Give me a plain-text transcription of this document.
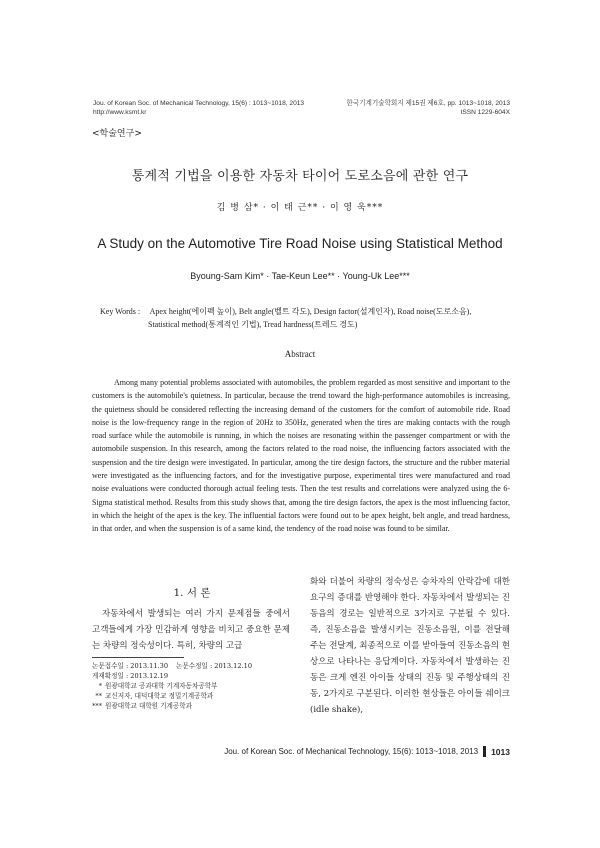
Jou. of Korean Soc. of Mechanical Technology, 15(6) : 1013~1018, 2013
http://www.ksmt.kr
한국기계기술학회지 제15권 제6호, pp. 1013~1018, 2013
ISSN 1229-604X
<학술연구>
통계적 기법을 이용한 자동차 타이어 도로소음에 관한 연구
김 병 삼* · 이 태 근** · 이 영 욱***
A Study on the Automotive Tire Road Noise using Statistical Method
Byoung-Sam Kim* · Tae-Keun Lee** · Young-Uk Lee***
Key Words : Apex height(에이펙 높이), Belt angle(벨트 각도), Design factor(설계인자), Road noise(도로소음),
Statistical method(통계적인 기법), Tread hardness(트레드 경도)
Abstract
Among many potential problems associated with automobiles, the problem regarded as most sensitive and important to the customers is the automobile's quietness. In particular, because the trend toward the high-performance automobiles is increasing, the quietness should be considered reflecting the increasing demand of the customers for the comfort of automobile ride. Road noise is the low-frequency range in the region of 20Hz to 350Hz, generated when the tires are making contacts with the rough road surface while the automobile is running, in which the noises are resonating within the passenger compartment or with the automobile suspension. In this research, among the factors related to the road noise, the influencing factors associated with the suspension and the tire design were investigated. In particular, among the tire design factors, the structure and the rubber material were investigated as the influencing factors, and for the investigative purpose, experimental tires were manufactured and road noise evaluations were conducted thorough actual feeling tests. Then the test results and correlations were analyzed using the 6-Sigma statistical method. Results from this study shows that, among the tire design factors, the apex is the most influencing factor, in which the height of the apex is the key. The influential factors were found out to be apex height, belt angle, and tread hardness, in that order, and when the suspension is of a same kind, the tendency of the road noise was found to be similar.
1. 서 론
자동차에서 발생되는 여러 가지 문제점들 중에서 고객들에게 가장 민감하게 영향을 비치고 중요한 문제는 차량의 정숙성이다. 특히, 차량의 고급
화와 더불어 차량의 정숙성은 승차자의 안락감에 대한 요구의 증대를 반영해야 한다. 자동차에서 발생되는 진동음의 경로는 일반적으로 3가지로 구분될 수 있다. 즉, 진동소음을 발생시키는 진동소음원, 이를 전달해 주는 전달계, 최종적으로 이를 받아들여 진동소음의 현상으로 나타나는 응답계이다. 자동차에서 발생하는 진동은 크게 엔진 아이들 상태의 진동 및 주행상태의 진동, 2가지로 구분된다. 이러한 현상들은 아이들 쉐이크(idle shake),
논문접수일 : 2013.11.30 논문수정일 : 2013.12.10
게재확정일 : 2013.12.19
* 원광대학교 공과대학 기계자동차공학부
** 교신저자, 대덕대학교 정밀기계공학과
*** 원광대학교 대학원 기계공학과
Jou. of Korean Soc. of Mechanical Technology, 15(6): 1013~1018, 2013 1013
